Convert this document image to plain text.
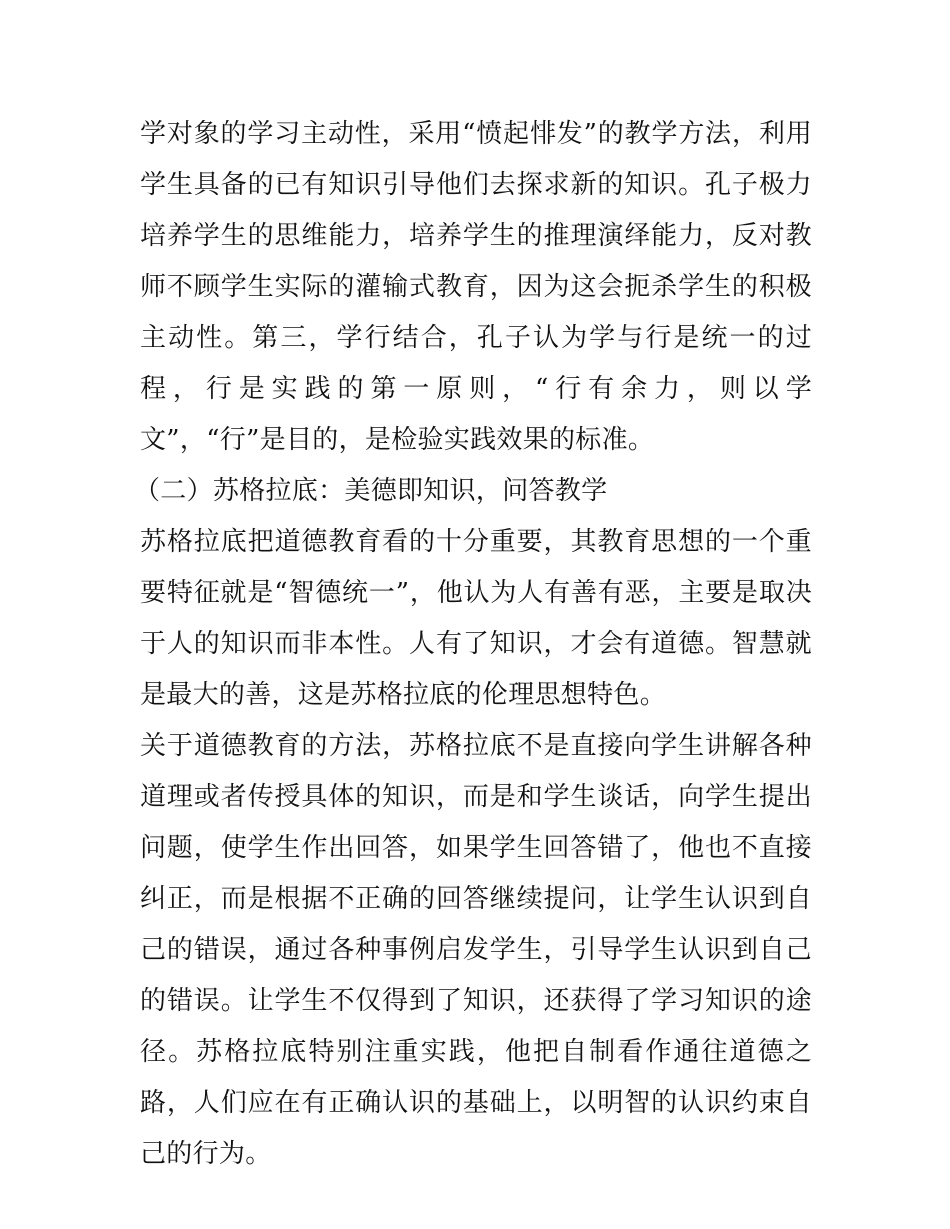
学对象的学习主动性，采用“愤起悱发”的教学方法，利用学生具备的已有知识引导他们去探求新的知识。孔子极力培养学生的思维能力，培养学生的推理演绎能力，反对教师不顾学生实际的灌输式教育，因为这会扼杀学生的积极主动性。第三，学行结合，孔子认为学与行是统一的过程，行是实践的第一原则，“行有余力，则以学文”，“行”是目的，是检验实践效果的标准。

（二）苏格拉底：美德即知识，问答教学

苏格拉底把道德教育看的十分重要，其教育思想的一个重要特征就是“智德统一”，他认为人有善有恶，主要是取决于人的知识而非本性。人有了知识，才会有道德。智慧就是最大的善，这是苏格拉底的伦理思想特色。

关于道德教育的方法，苏格拉底不是直接向学生讲解各种道理或者传授具体的知识，而是和学生谈话，向学生提出问题，使学生作出回答，如果学生回答错了，他也不直接纠正，而是根据不正确的回答继续提问，让学生认识到自己的错误，通过各种事例启发学生，引导学生认识到自己的错误。让学生不仅得到了知识，还获得了学习知识的途径。苏格拉底特别注重实践，他把自制看作通往道德之路，人们应在有正确认识的基础上，以明智的认识约束自己的行为。
